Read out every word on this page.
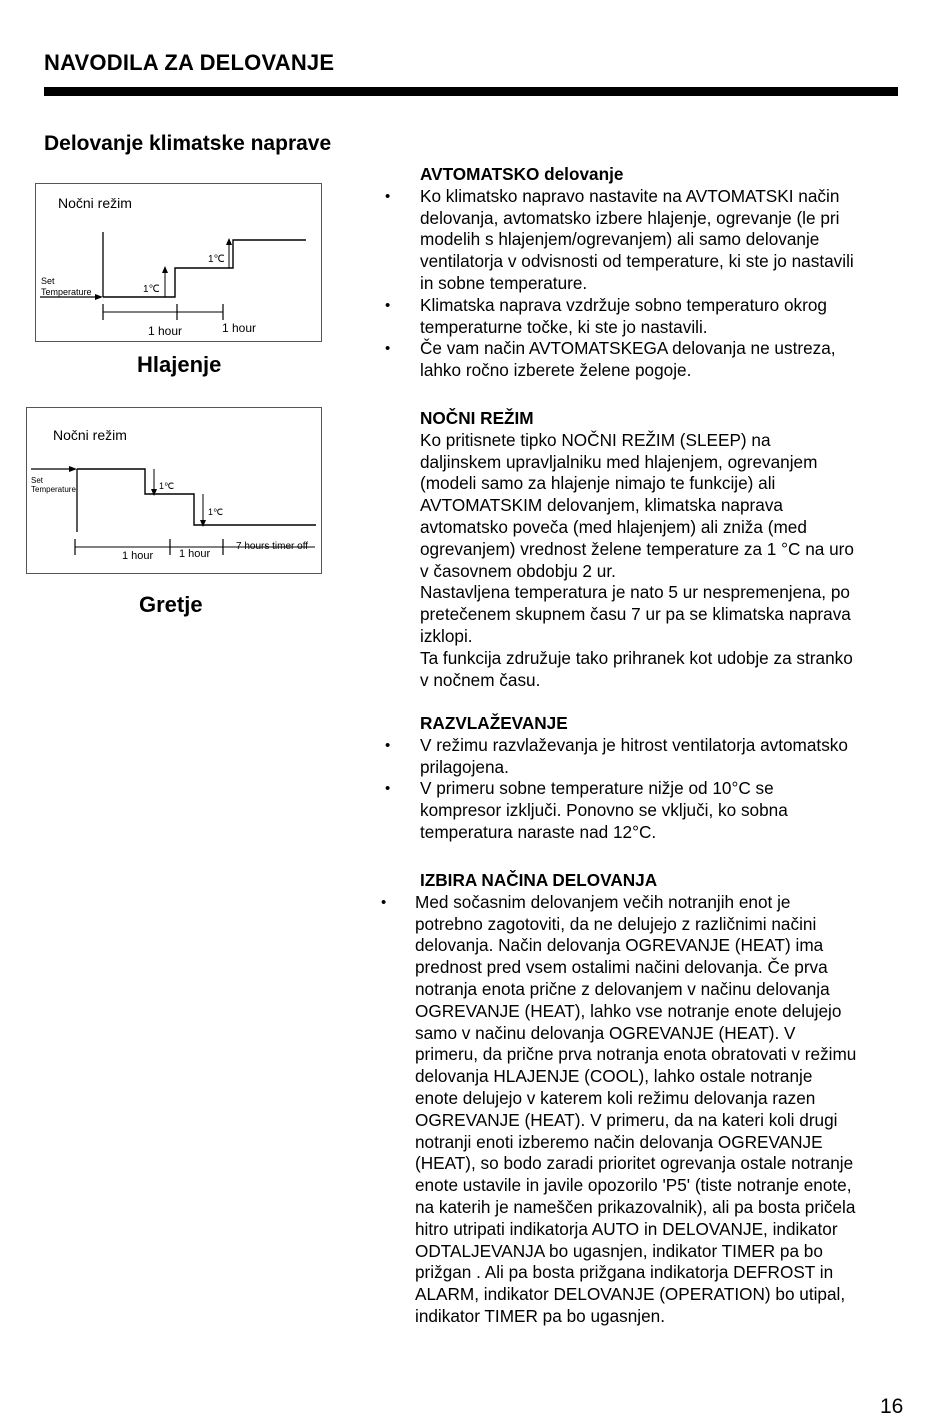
NAVODILA ZA DELOVANJE
Delovanje klimatske naprave
Nočni režim
Set
Temperature	1℃
1℃
1 hour	1 hour
Hlajenje
Nočni režim
Set
Temperature	1℃
1℃
1 hour 1 hour
7 hours timer off
Gretje
AVTOMATSKO delovanje
• Ko klimatsko napravo nastavite na AVTOMATSKI način
delovanja, avtomatsko izbere hlajenje, ogrevanje (le pri
modelih s hlajenjem/ogrevanjem) ali samo delovanje
ventilatorja v odvisnosti od temperature, ki ste jo nastavili
in sobne temperature.
• Klimatska naprava vzdržuje sobno temperaturo okrog
temperaturne točke, ki ste jo nastavili.
• Če vam način AVTOMATSKEGA delovanja ne ustreza,
lahko ročno izberete želene pogoje.
NOČNI REŽIM
Ko pritisnete tipko NOČNI REŽIM (SLEEP) na
daljinskem upravljalniku med hlajenjem, ogrevanjem
(modeli samo za hlajenje nimajo te funkcije) ali
AVTOMATSKIM delovanjem, klimatska naprava
avtomatsko poveča (med hlajenjem) ali zniža (med
ogrevanjem) vrednost želene temperature za 1 °C na uro
v časovnem obdobju 2 ur.
Nastavljena temperatura je nato 5 ur nespremenjena, po
pretečenem skupnem času 7 ur pa se klimatska naprava
izklopi.
Ta funkcija združuje tako prihranek kot udobje za stranko
v nočnem času.
RAZVLAŽEVANJE
• V režimu razvlaževanja je hitrost ventilatorja avtomatsko
prilagojena.
• V primeru sobne temperature nižje od 10°C se
kompresor izključi. Ponovno se vključi, ko sobna
temperatura naraste nad 12°C.
IZBIRA NAČINA DELOVANJA
• Med sočasnim delovanjem večih notranjih enot je
potrebno zagotoviti, da ne delujejo z različnimi načini
delovanja. Način delovanja OGREVANJE (HEAT) ima
prednost pred vsem ostalimi načini delovanja. Če prva
notranja enota prične z delovanjem v načinu delovanja
OGREVANJE (HEAT), lahko vse notranje enote delujejo
samo v načinu delovanja OGREVANJE (HEAT). V
primeru, da prične prva notranja enota obratovati v režimu
delovanja HLAJENJE (COOL), lahko ostale notranje
enote delujejo v katerem koli režimu delovanja razen
OGREVANJE (HEAT). V primeru, da na kateri koli drugi
notranji enoti izberemo način delovanja OGREVANJE
(HEAT), so bodo zaradi prioritet ogrevanja ostale notranje
enote ustavile in javile opozorilo 'P5' (tiste notranje enote,
na katerih je nameščen prikazovalnik), ali pa bosta pričela
hitro utripati indikatorja AUTO in DELOVANJE, indikator
ODTALJEVANJA bo ugasnjen, indikator TIMER pa bo
prižgan . Ali pa bosta prižgana indikatorja DEFROST in
ALARM, indikator DELOVANJE (OPERATION) bo utipal,
indikator TIMER pa bo ugasnjen.
16
